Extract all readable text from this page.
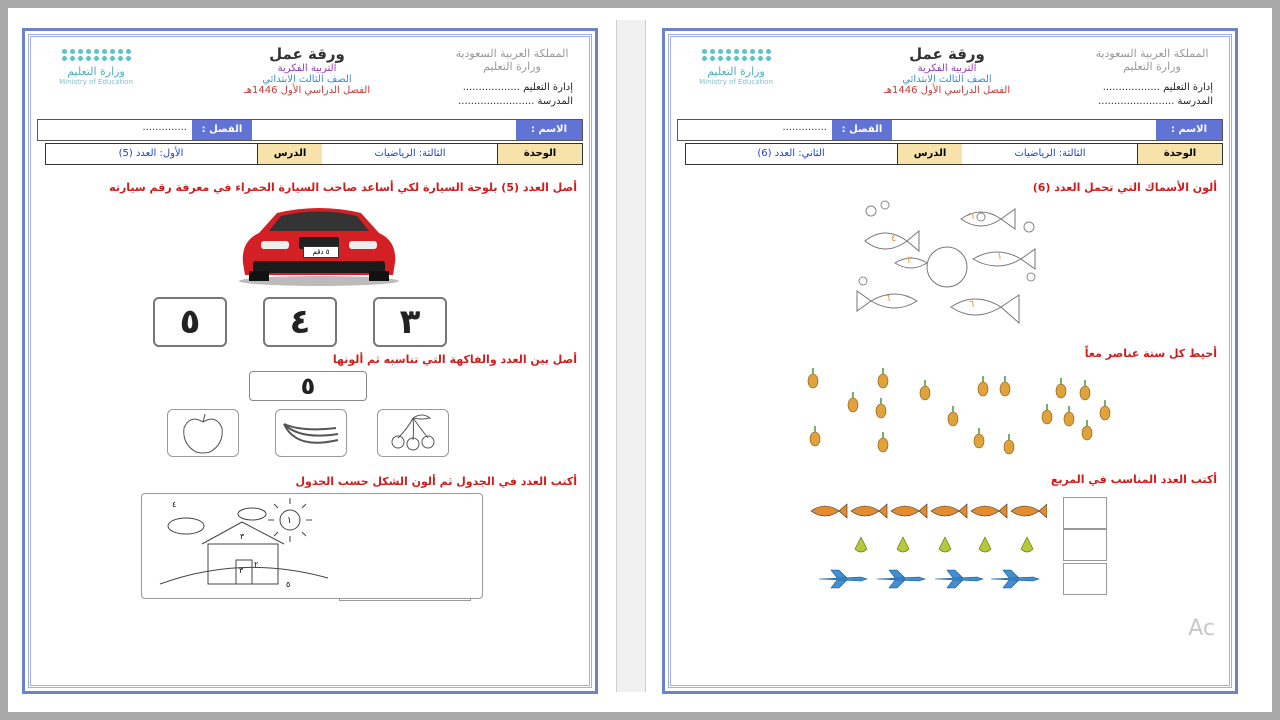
المملكة العربية السعودية وزارة التعليم
إدارة التعليم ..................
المدرسة ........................
ورقة عمل
التربية الفكرية
الصف الثالث الابتدائي
الفصل الدراسي الأول 1446هـ
وزارة التعليم
Ministry of Education
الاسم :
الفصل :
..............
الوحدة
الثالثة: الرياضيات
الدرس
الأول: العدد (5)
أصل العدد (5) بلوحة السيارة لكي أساعد صاحب السيارة الحمراء في معرفة رقم سيارته
٥ دقم
٣
٤
٥
أصل بين العدد والفاكهة التي تناسبه ثم ألونها
٥
أكتب العدد في الجدول ثم ألون الشكل حسب الجدول
٤
١
٣
٢
٣
٥
المملكة العربية السعودية وزارة التعليم
إدارة التعليم ..................
المدرسة ........................
ورقة عمل
التربية الفكرية
الصف الثالث الابتدائي
الفصل الدراسي الأول 1446هـ
وزارة التعليم
Ministry of Education
الاسم :
الفصل :
..............
الوحدة
الثالثة: الرياضيات
الدرس
الثاني: العدد (6)
ألون الأسماك التي تحمل العدد (6)
٤
٦
٣
٦
٦
١
أحيط كل ستة عناصر معاً
أكتب العدد المناسب في المربع
Ac
